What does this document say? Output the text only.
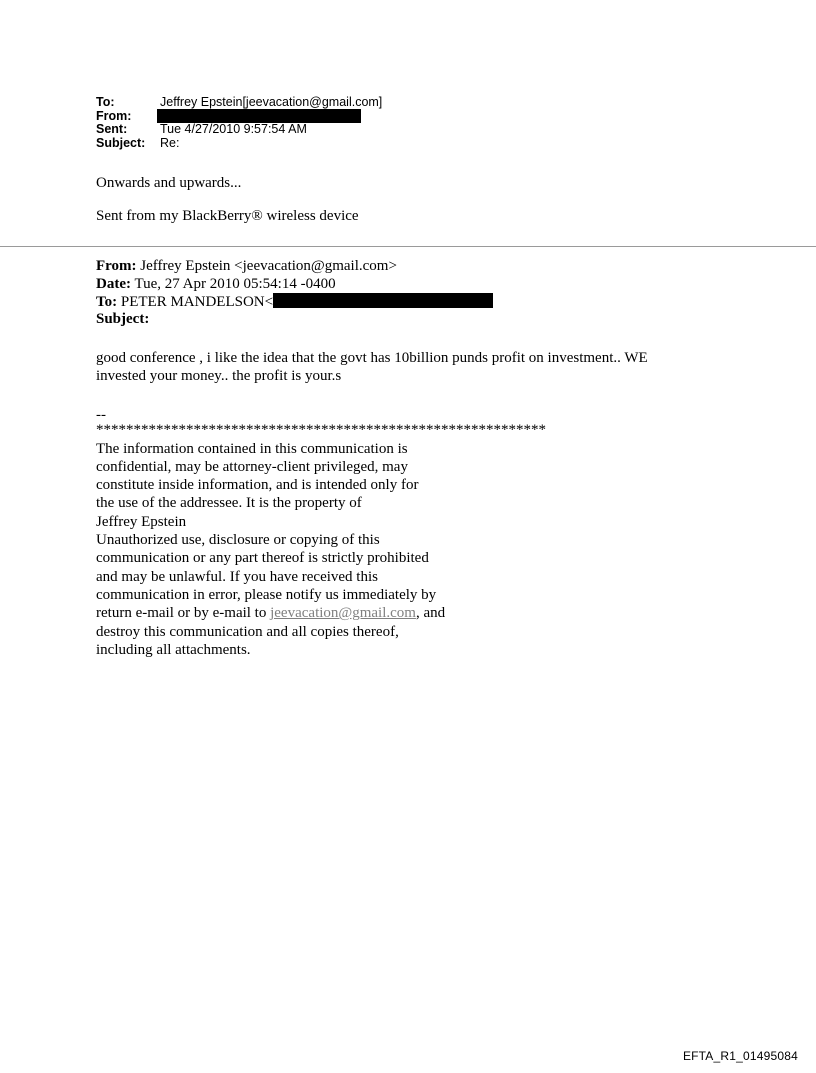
To:	Jeffrey Epstein[jeevacation@gmail.com]
From:
Sent:	Tue 4/27/2010 9:57:54 AM
Subject:	Re:
Onwards and upwards...
Sent from my BlackBerry® wireless device
From: Jeffrey Epstein <jeevacation@gmail.com>
Date: Tue, 27 Apr 2010 05:54:14 -0400
To: PETER MANDELSON<
Subject:
good conference , i like the idea that the govt has 10billion punds profit on investment.. WE
invested your money.. the profit is your.s
--
************************************************************
The information contained in this communication is
confidential, may be attorney-client privileged, may
constitute inside information, and is intended only for
the use of the addressee. It is the property of
Jeffrey Epstein
Unauthorized use, disclosure or copying of this
communication or any part thereof is strictly prohibited
and may be unlawful. If you have received this
communication in error, please notify us immediately by
return e-mail or by e-mail to jeevacation@gmail.com, and
destroy this communication and all copies thereof,
including all attachments.
EFTA_R1_01495084
